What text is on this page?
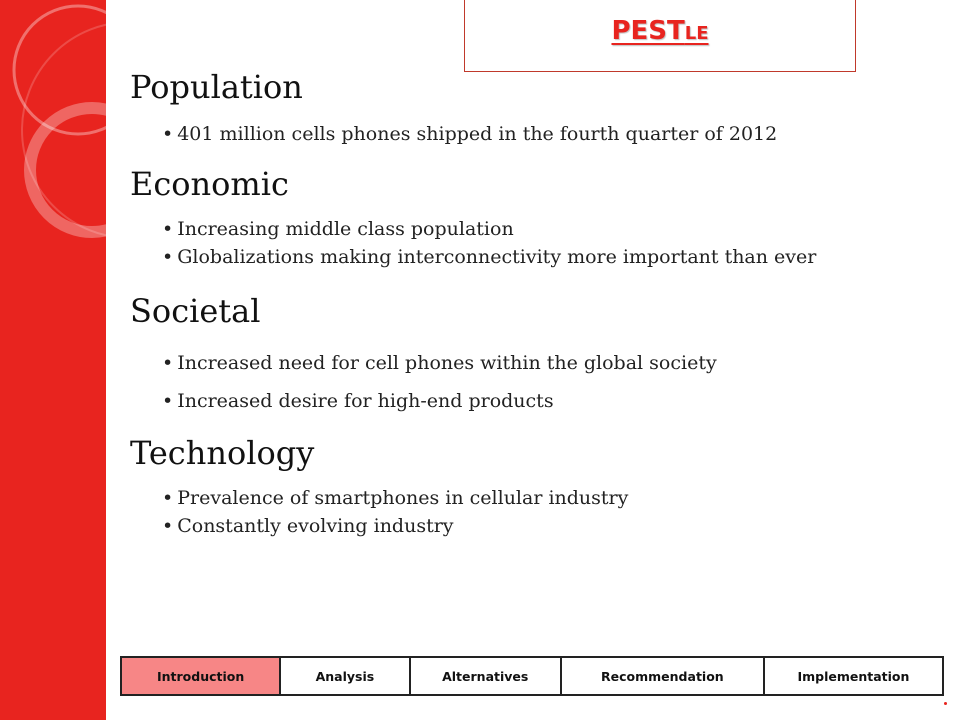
PESTLE
Population
• 401 million cells phones shipped in the fourth quarter of 2012
Economic
• Increasing middle class population
• Globalizations making interconnectivity more important than ever
Societal
• Increased need for cell phones within the global society
• Increased desire for high-end products
Technology
• Prevalence of smartphones in cellular industry
• Constantly evolving industry
Introduction	Analysis	Alternatives	Recommendation	Implementation
